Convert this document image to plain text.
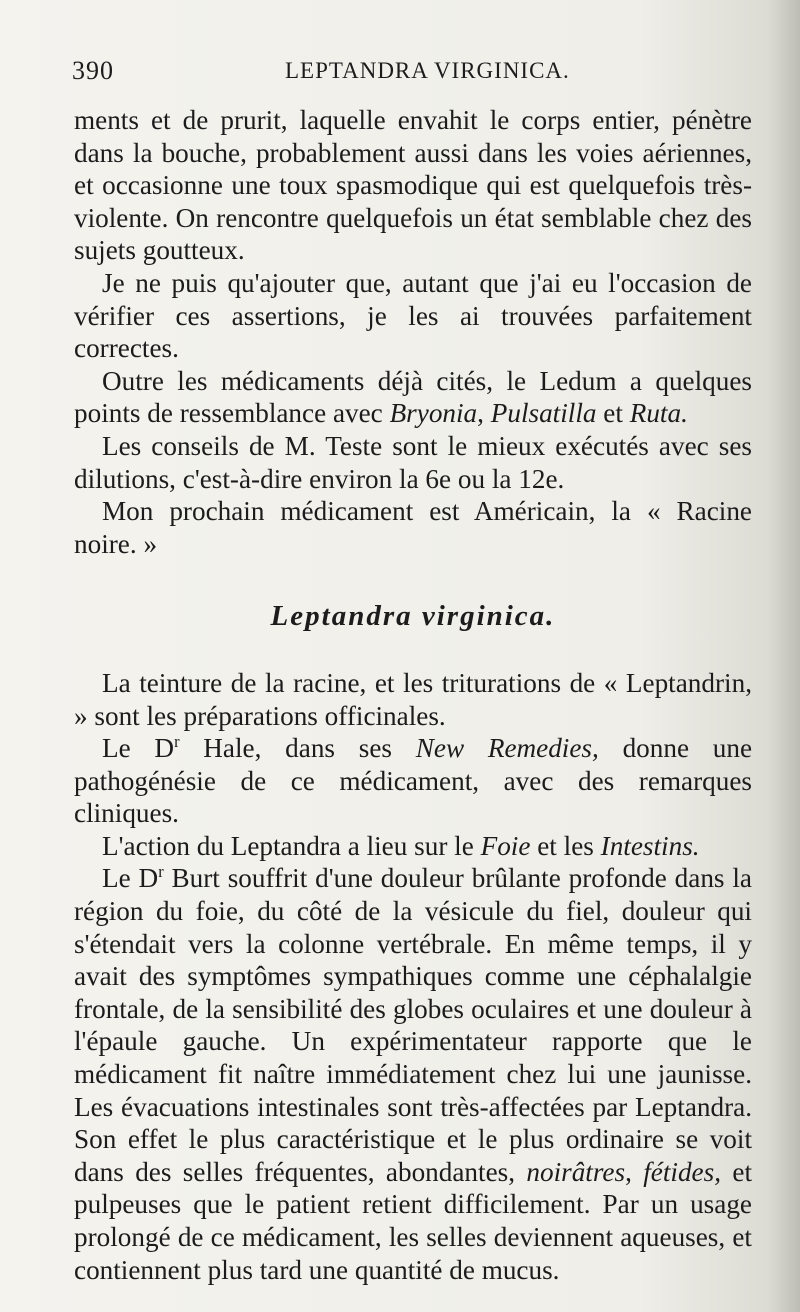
390	LEPTANDRA VIRGINICA.

ments et de prurit, laquelle envahit le corps entier, pénètre dans la bouche, probablement aussi dans les voies aériennes, et occasionne une toux spasmodique qui est quelquefois très-violente. On rencontre quelquefois un état semblable chez des sujets goutteux.

Je ne puis qu'ajouter que, autant que j'ai eu l'occasion de vérifier ces assertions, je les ai trouvées parfaitement correctes.

Outre les médicaments déjà cités, le Ledum a quelques points de ressemblance avec Bryonia, Pulsatilla et Ruta.

Les conseils de M. Teste sont le mieux exécutés avec ses dilutions, c'est-à-dire environ la 6e ou la 12e.

Mon prochain médicament est Américain, la « Racine noire. »

Leptandra virginica.

La teinture de la racine, et les triturations de « Leptandrin, » sont les préparations officinales.

Le $D^r$ Hale, dans ses New Remedies, donne une pathogénésie de ce médicament, avec des remarques cliniques.

L'action du Leptandra a lieu sur le Foie et les Intestins.

Le $D^r$ Burt souffrit d'une douleur brûlante profonde dans la région du foie, du côté de la vésicule du fiel, douleur qui s'étendait vers la colonne vertébrale. En même temps, il y avait des symptômes sympathiques comme une céphalalgie frontale, de la sensibilité des globes oculaires et une douleur à l'épaule gauche. Un expérimentateur rapporte que le médicament fit naître immédiatement chez lui une jaunisse. Les évacuations intestinales sont très-affectées par Leptandra. Son effet le plus caractéristique et le plus ordinaire se voit dans des selles fréquentes, abondantes, noirâtres, fétides, et pulpeuses que le patient retient difficilement. Par un usage prolongé de ce médicament, les selles deviennent aqueuses, et contiennent plus tard une quantité de mucus.
